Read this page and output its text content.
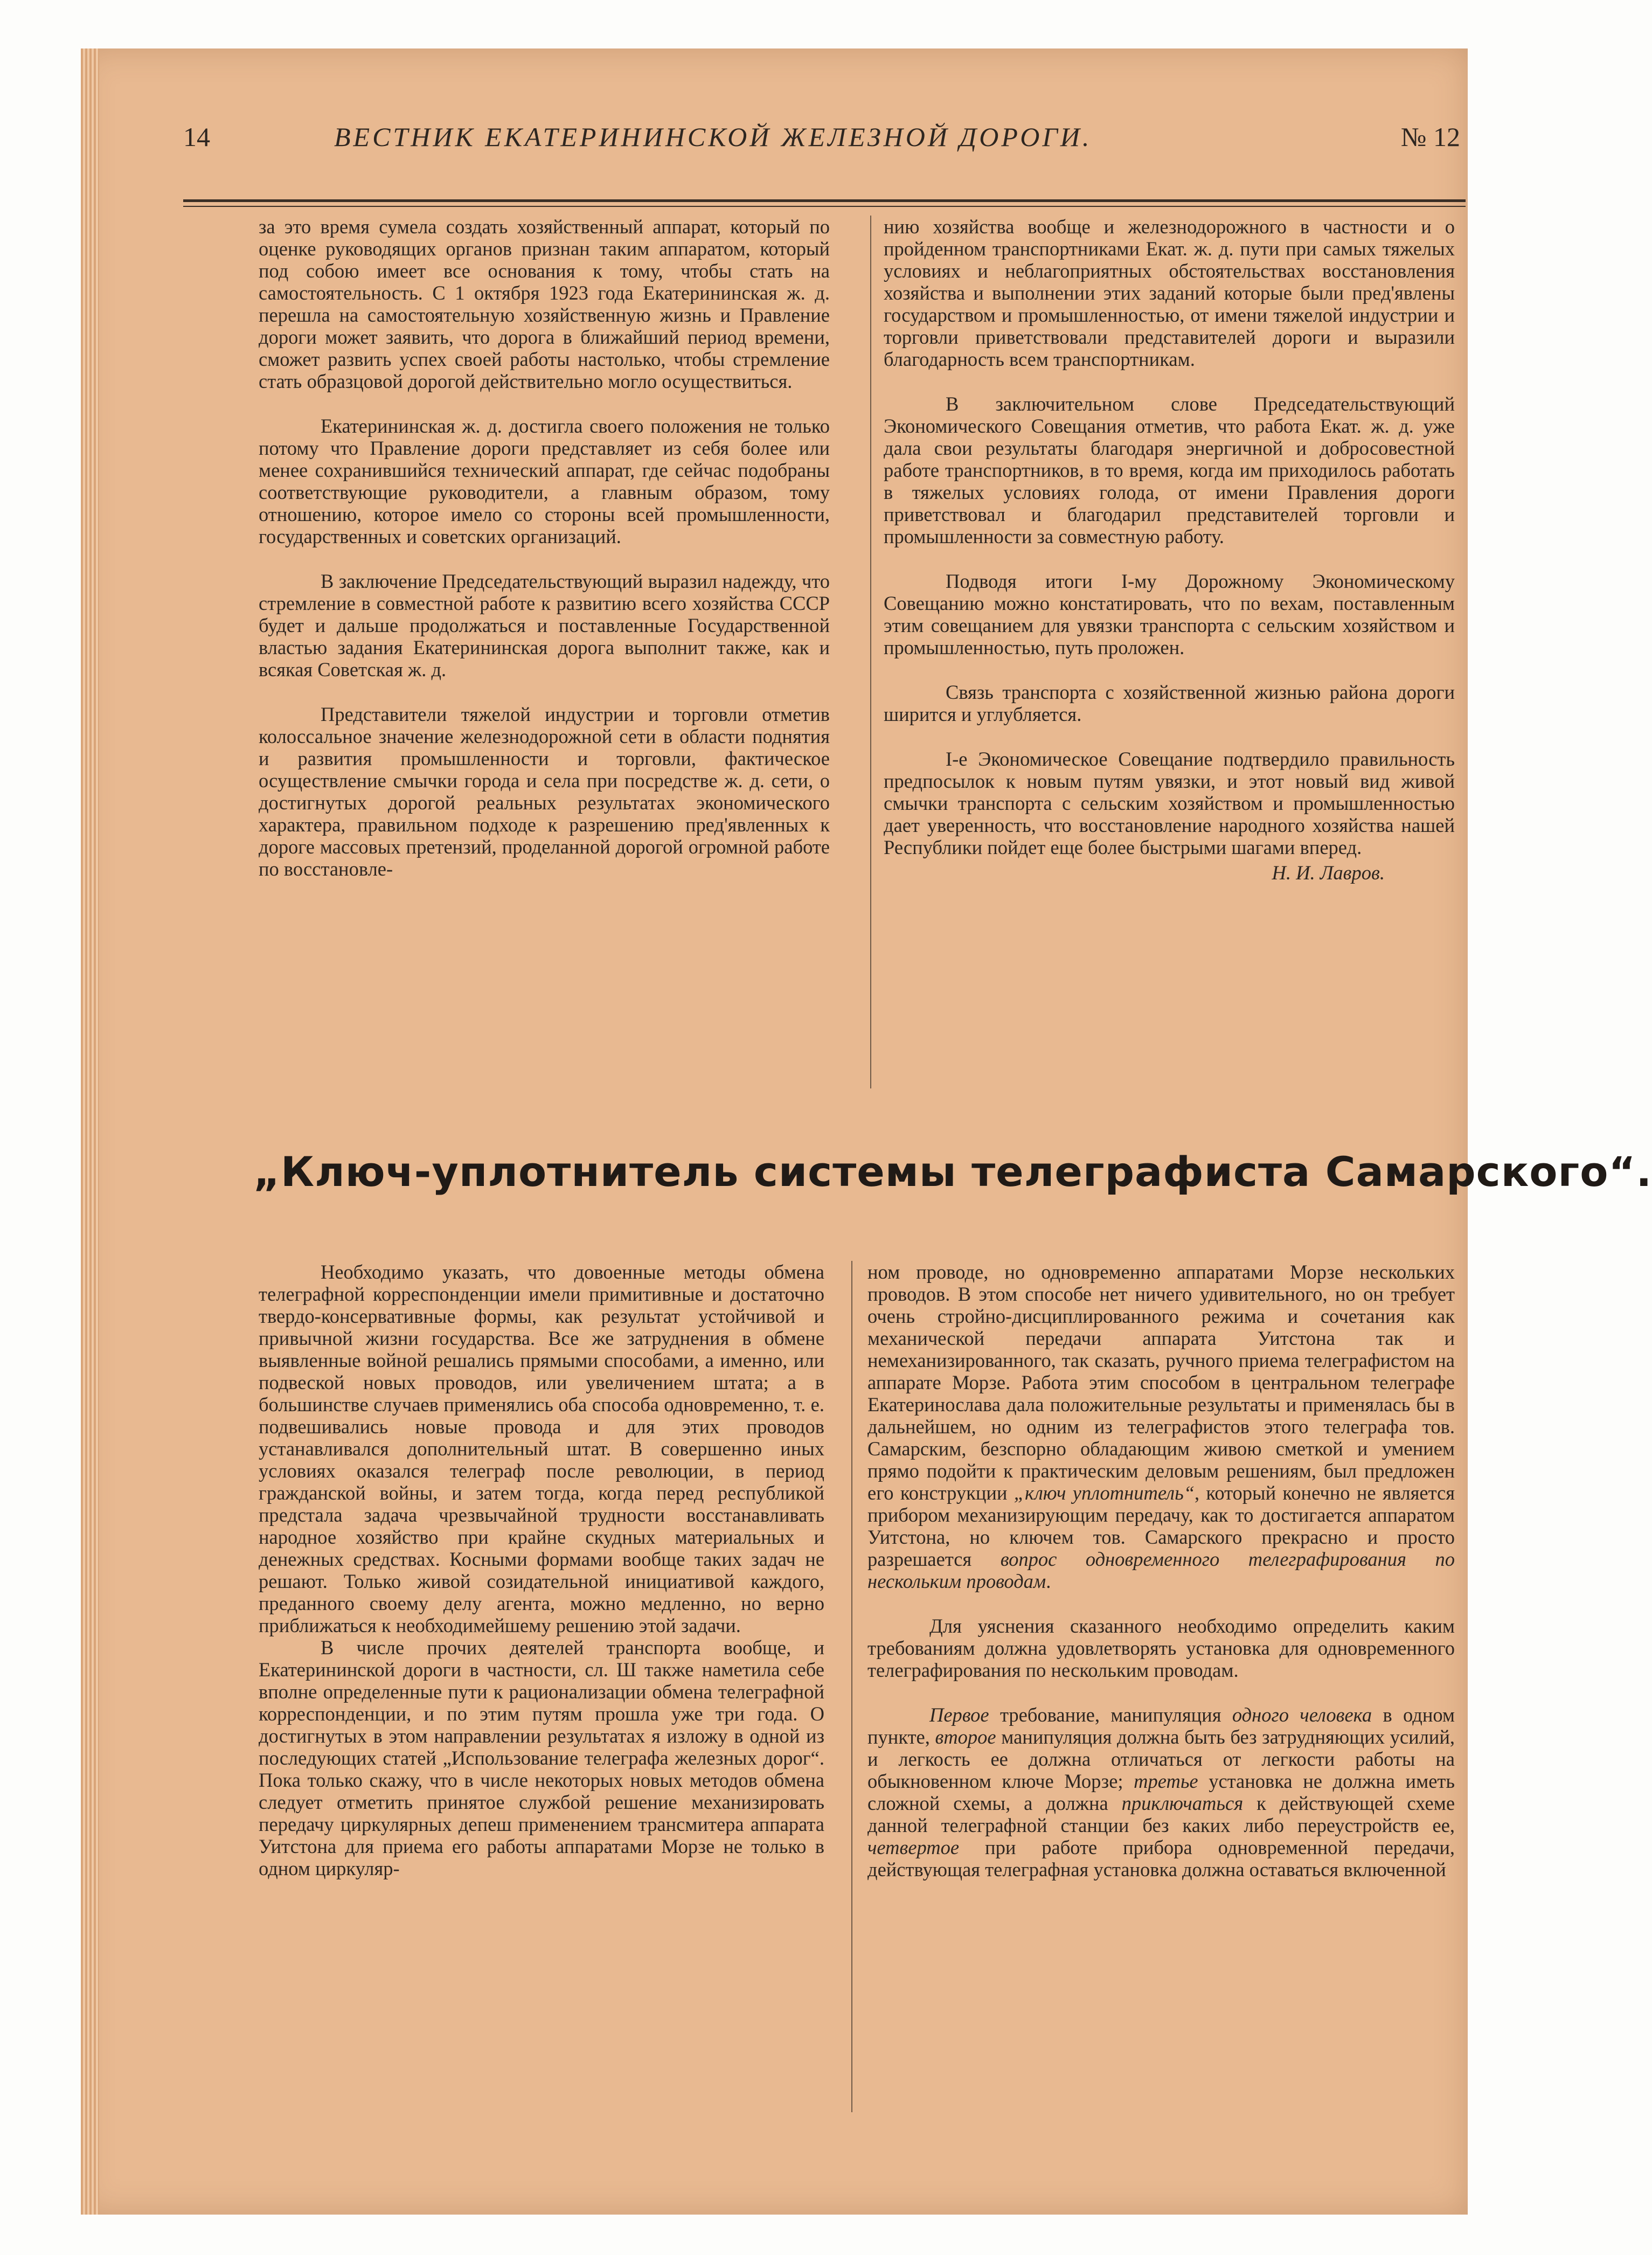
14	ВЕСТНИК ЕКАТЕРИНИНСКОЙ ЖЕЛЕЗНОЙ ДОРОГИ.	№ 12

за это время сумела создать хозяйственный аппарат, который по оценке руководящих органов признан таким аппаратом, который под собою имеет все основания к тому, чтобы стать на самостоятельность. С 1 октября 1923 года Екатерининская ж. д. перешла на самостоятельную хозяйственную жизнь и Правление дороги может заявить, что дорога в ближайший период времени, сможет развить успех своей работы настолько, чтобы стремление стать образцовой дорогой действительно могло осуществиться.

Екатерининская ж. д. достигла своего положения не только потому что Правление дороги представляет из себя более или менее сохранившийся технический аппарат, где сейчас подобраны соответствующие руководители, а главным образом, тому отношению, которое имело со стороны всей промышленности, государственных и советских организаций.

В заключение Председательствующий выразил надежду, что стремление в совместной работе к развитию всего хозяйства СССР будет и дальше продолжаться и поставленные Государственной властью задания Екатерининская дорога выполнит также, как и всякая Советская ж. д.

Представители тяжелой индустрии и торговли отметив колоссальное значение железнодорожной сети в области поднятия и развития промышленности и торговли, фактическое осуществление смычки города и села при посредстве ж. д. сети, о достигнутых дорогой реальных результатах экономического характера, правильном подходе к разрешению пред'явленных к дороге массовых претензий, проделанной дорогой огромной работе по восстановле-

нию хозяйства вообще и железнодорожного в частности и о пройденном транспортниками Екат. ж. д. пути при самых тяжелых условиях и неблагоприятных обстоятельствах восстановления хозяйства и выполнении этих заданий которые были пред'явлены государством и промышленностью, от имени тяжелой индустрии и торговли приветствовали представителей дороги и выразили благодарность всем транспортникам.

В заключительном слове Председательствующий Экономического Совещания отметив, что работа Екат. ж. д. уже дала свои результаты благодаря энергичной и добросовестной работе транспортников, в то время, когда им приходилось работать в тяжелых условиях голода, от имени Правления дороги приветствовал и благодарил представителей торговли и промышленности за совместную работу.

Подводя итоги I-му Дорожному Экономическому Совещанию можно констатировать, что по вехам, поставленным этим совещанием для увязки транспорта с сельским хозяйством и промышленностью, путь проложен.

Связь транспорта с хозяйственной жизнью района дороги ширится и углубляется.

I-е Экономическое Совещание подтвердило правильность предпосылок к новым путям увязки, и этот новый вид живой смычки транспорта с сельским хозяйством и промышленностью дает уверенность, что восстановление народного хозяйства нашей Республики пойдет еще более быстрыми шагами вперед.

Н. И. Лавров.
„Ключ-уплотнитель системы телеграфиста Самарского“.

Необходимо указать, что довоенные методы обмена телеграфной корреспонденции имели примитивные и достаточно твердо-консервативные формы, как результат устойчивой и привычной жизни государства. Все же затруднения в обмене выявленные войной решались прямыми способами, а именно, или подвеской новых проводов, или увеличением штата; а в большинстве случаев применялись оба способа одновременно, т. е. подвешивались новые провода и для этих проводов устанавливался дополнительный штат. В совершенно иных условиях оказался телеграф после революции, в период гражданской войны, и затем тогда, когда перед республикой предстала задача чрезвычайной трудности восстанавливать народное хозяйство при крайне скудных материальных и денежных средствах. Косными формами вообще таких задач не решают. Только живой созидательной инициативой каждого, преданного своему делу агента, можно медленно, но верно приближаться к необходимейшему решению этой задачи.

В числе прочих деятелей транспорта вообще, и Екатерининской дороги в частности, сл. Ш также наметила себе вполне определенные пути к рационализации обмена телеграфной корреспонденции, и по этим путям прошла уже три года. О достигнутых в этом направлении результатах я изложу в одной из последующих статей „Использование телеграфа железных дорог“. Пока только скажу, что в числе некоторых новых методов обмена следует отметить принятое службой решение механизировать передачу циркулярных депеш применением трансмитера аппарата Уитстона для приема его работы аппаратами Морзе не только в одном циркуляр-

ном проводе, но одновременно аппаратами Морзе нескольких проводов. В этом способе нет ничего удивительного, но он требует очень стройно-дисциплированного режима и сочетания как механической передачи аппарата Уитстона так и немеханизированного, так сказать, ручного приема телеграфистом на аппарате Морзе. Работа этим способом в центральном телеграфе Екатеринослава дала положительные результаты и применялась бы в дальнейшем, но одним из телеграфистов этого телеграфа тов. Самарским, безспорно обладающим живою сметкой и умением прямо подойти к практическим деловым решениям, был предложен его конструкции „ключ уплотнитель“, который конечно не является прибором механизирующим передачу, как то достигается аппаратом Уитстона, но ключем тов. Самарского прекрасно и просто разрешается вопрос одновременного телеграфирования по нескольким проводам.

Для уяснения сказанного необходимо определить каким требованиям должна удовлетворять установка для одновременного телеграфирования по нескольким проводам.

Первое требование, манипуляция одного человека в одном пункте, второе манипуляция должна быть без затрудняющих усилий, и легкость ее должна отличаться от легкости работы на обыкновенном ключе Морзе; третье установка не должна иметь сложной схемы, а должна приключаться к действующей схеме данной телеграфной станции без каких либо переустройств ее, четвертое при работе прибора одновременной передачи, действующая телеграфная установка должна оставаться включенной
